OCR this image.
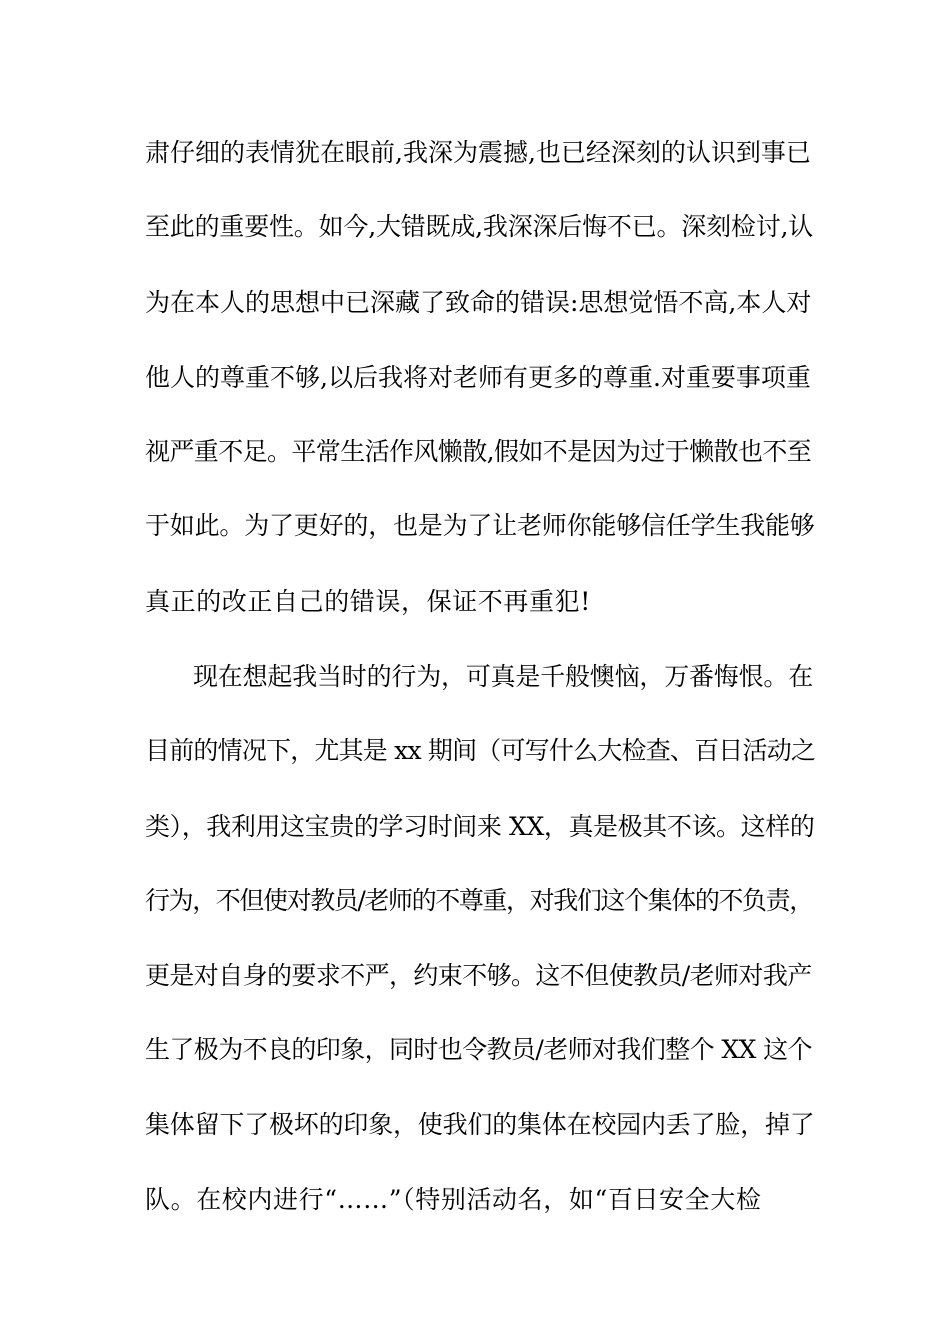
肃仔细的表情犹在眼前,我深为震撼,也已经深刻的认识到事已
至此的重要性。如今,大错既成,我深深后悔不已。深刻检讨,认
为在本人的思想中已深藏了致命的错误:思想觉悟不高,本人对
他人的尊重不够,以后我将对老师有更多的尊重.对重要事项重
视严重不足。平常生活作风懒散,假如不是因为过于懒散也不至
于如此。为了更好的，也是为了让老师你能够信任学生我能够
真正的改正自己的错误，保证不再重犯!
现在想起我当时的行为，可真是千般懊恼，万番悔恨。在
目前的情况下，尤其是 xx 期间（可写什么大检查、百日活动之
类），我利用这宝贵的学习时间来 XX，真是极其不该。这样的
行为，不但使对教员/老师的不尊重，对我们这个集体的不负责，
更是对自身的要求不严，约束不够。这不但使教员/老师对我产
生了极为不良的印象，同时也令教员/老师对我们整个 XX 这个
集体留下了极坏的印象，使我们的集体在校园内丢了脸，掉了
队。在校内进行“……”（特别活动名，如“百日安全大检
